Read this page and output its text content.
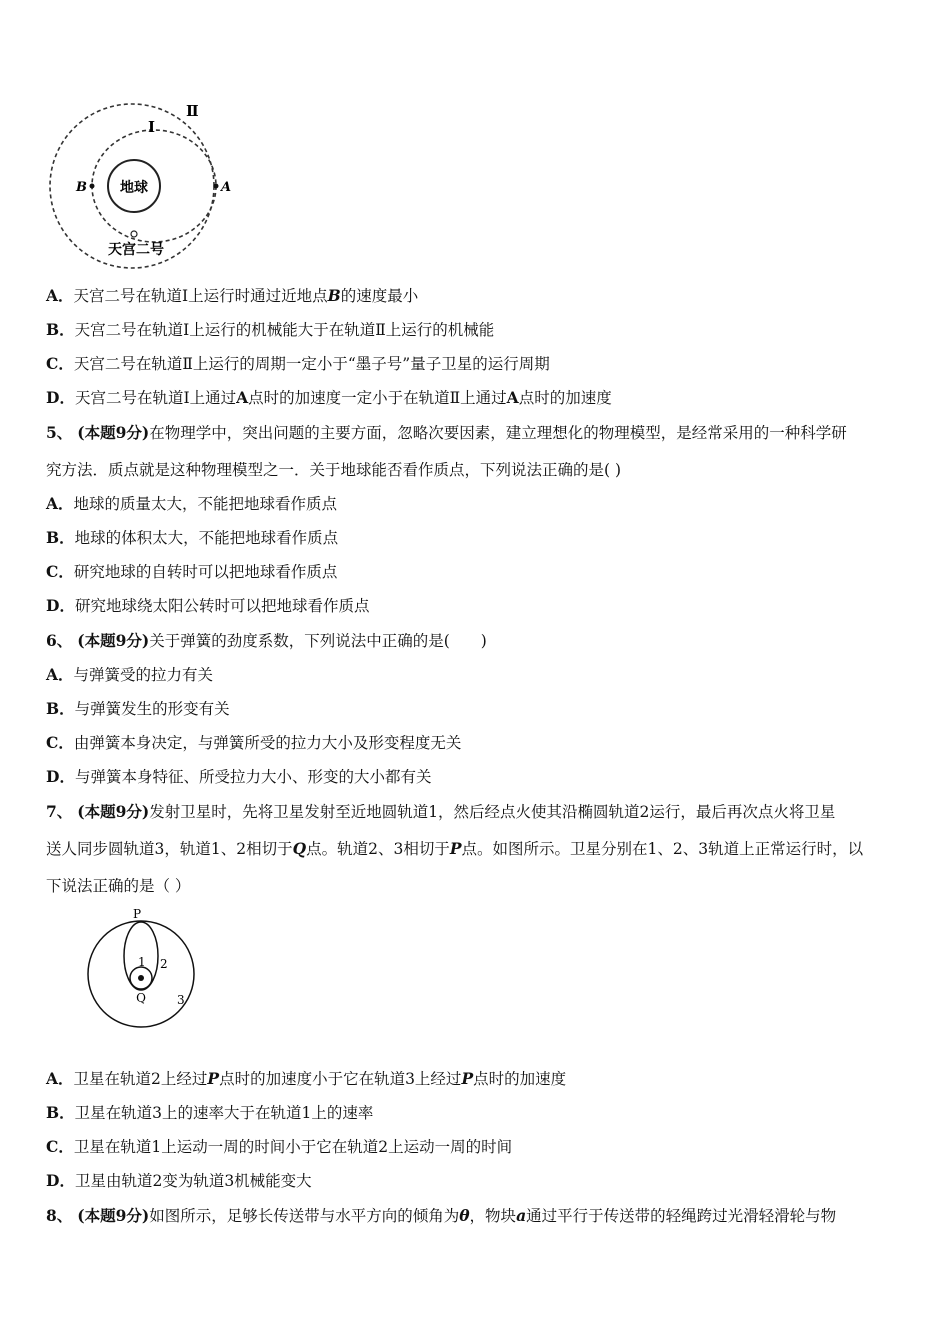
地球
Ⅱ
Ⅰ
B	A
天宫二号
A．天宫二号在轨道Ⅰ上运行时通过近地点B的速度最小
B．天宫二号在轨道Ⅰ上运行的机械能大于在轨道Ⅱ上运行的机械能
C．天宫二号在轨道Ⅱ上运行的周期一定小于“墨子号”量子卫星的运行周期
D．天宫二号在轨道Ⅰ上通过A点时的加速度一定小于在轨道Ⅱ上通过A点时的加速度
5、 (本题9分)在物理学中，突出问题的主要方面，忽略次要因素，建立理想化的物理模型，是经常采用的一种科学研
究方法．质点就是这种物理模型之一．关于地球能否看作质点，下列说法正确的是( )
A．地球的质量太大，不能把地球看作质点
B．地球的体积太大，不能把地球看作质点
C．研究地球的自转时可以把地球看作质点
D．研究地球绕太阳公转时可以把地球看作质点
6、 (本题9分)关于弹簧的劲度系数，下列说法中正确的是(　　)
A．与弹簧受的拉力有关
B．与弹簧发生的形变有关
C．由弹簧本身决定，与弹簧所受的拉力大小及形变程度无关
D．与弹簧本身特征、所受拉力大小、形变的大小都有关
7、 (本题9分)发射卫星时，先将卫星发射至近地圆轨道1，然后经点火使其沿椭圆轨道2运行，最后再次点火将卫星
送人同步圆轨道3，轨道1、2相切于Q点。轨道2、3相切于P点。如图所示。卫星分别在1、2、3轨道上正常运行时，以
下说法正确的是（ ）
P
1 2
Q	3
A．卫星在轨道2上经过P点时的加速度小于它在轨道3上经过P点时的加速度
B．卫星在轨道3上的速率大于在轨道1上的速率
C．卫星在轨道1上运动一周的时间小于它在轨道2上运动一周的时间
D．卫星由轨道2变为轨道3机械能变大
8、 (本题9分)如图所示，足够长传送带与水平方向的倾角为θ，物块a通过平行于传送带的轻绳跨过光滑轻滑轮与物
